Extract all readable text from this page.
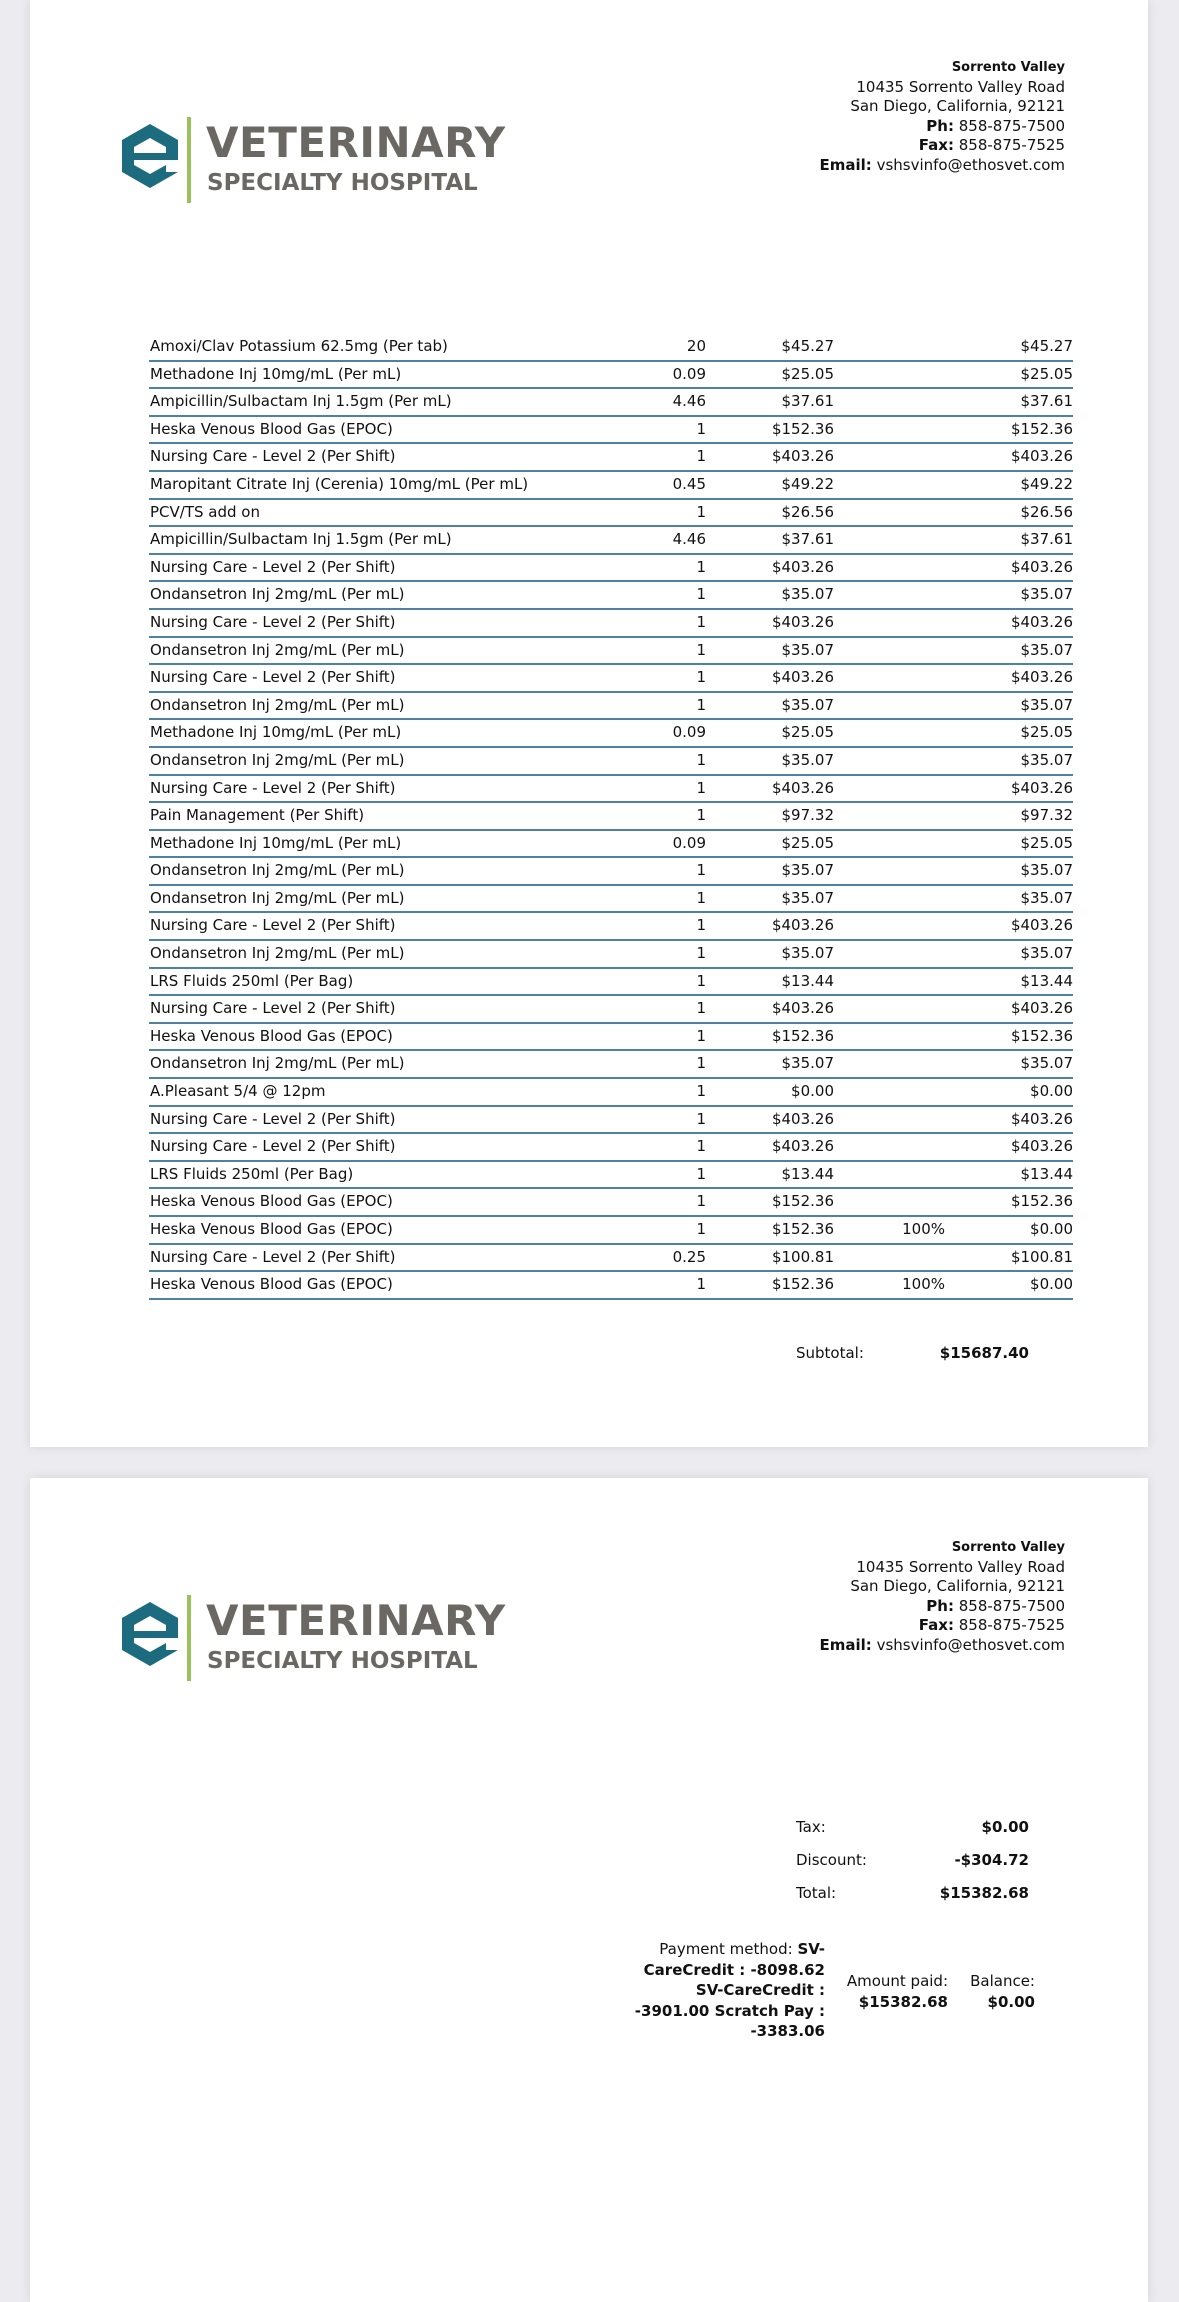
VETERINARY
SPECIALTY HOSPITAL
Sorrento Valley
10435 Sorrento Valley Road
San Diego, California, 92121
Ph: 858-875-7500
Fax: 858-875-7525
Email: vshsvinfo@ethosvet.com
Amoxi/Clav Potassium 62.5mg (Per tab)	20	$45.27	$45.27
Methadone Inj 10mg/mL (Per mL)	0.09	$25.05	$25.05
Ampicillin/Sulbactam Inj 1.5gm (Per mL)	4.46	$37.61	$37.61
Heska Venous Blood Gas (EPOC)	1	$152.36	$152.36
Nursing Care - Level 2 (Per Shift)	1	$403.26	$403.26
Maropitant Citrate Inj (Cerenia) 10mg/mL (Per mL)	0.45	$49.22	$49.22
PCV/TS add on	1	$26.56	$26.56
Ampicillin/Sulbactam Inj 1.5gm (Per mL)	4.46	$37.61	$37.61
Nursing Care - Level 2 (Per Shift)	1	$403.26	$403.26
Ondansetron Inj 2mg/mL (Per mL)	1	$35.07	$35.07
Nursing Care - Level 2 (Per Shift)	1	$403.26	$403.26
Ondansetron Inj 2mg/mL (Per mL)	1	$35.07	$35.07
Nursing Care - Level 2 (Per Shift)	1	$403.26	$403.26
Ondansetron Inj 2mg/mL (Per mL)	1	$35.07	$35.07
Methadone Inj 10mg/mL (Per mL)	0.09	$25.05	$25.05
Ondansetron Inj 2mg/mL (Per mL)	1	$35.07	$35.07
Nursing Care - Level 2 (Per Shift)	1	$403.26	$403.26
Pain Management (Per Shift)	1	$97.32	$97.32
Methadone Inj 10mg/mL (Per mL)	0.09	$25.05	$25.05
Ondansetron Inj 2mg/mL (Per mL)	1	$35.07	$35.07
Ondansetron Inj 2mg/mL (Per mL)	1	$35.07	$35.07
Nursing Care - Level 2 (Per Shift)	1	$403.26	$403.26
Ondansetron Inj 2mg/mL (Per mL)	1	$35.07	$35.07
LRS Fluids 250ml (Per Bag)	1	$13.44	$13.44
Nursing Care - Level 2 (Per Shift)	1	$403.26	$403.26
Heska Venous Blood Gas (EPOC)	1	$152.36	$152.36
Ondansetron Inj 2mg/mL (Per mL)	1	$35.07	$35.07
A.Pleasant 5/4 @ 12pm	1	$0.00	$0.00
Nursing Care - Level 2 (Per Shift)	1	$403.26	$403.26
Nursing Care - Level 2 (Per Shift)	1	$403.26	$403.26
LRS Fluids 250ml (Per Bag)	1	$13.44	$13.44
Heska Venous Blood Gas (EPOC)	1	$152.36	$152.36
Heska Venous Blood Gas (EPOC)	1	$152.36	100%	$0.00
Nursing Care - Level 2 (Per Shift)	0.25	$100.81	$100.81
Heska Venous Blood Gas (EPOC)	1	$152.36	100%	$0.00
Subtotal:	$15687.40
VETERINARY
SPECIALTY HOSPITAL
Sorrento Valley
10435 Sorrento Valley Road
San Diego, California, 92121
Ph: 858-875-7500
Fax: 858-875-7525
Email: vshsvinfo@ethosvet.com
Tax:	$0.00
Discount:	-$304.72
Total:	$15382.68
Payment method: SV-CareCredit : -8098.62 SV-CareCredit : -3901.00 Scratch Pay : -3383.06
Amount paid:
$15382.68
Balance:
$0.00
